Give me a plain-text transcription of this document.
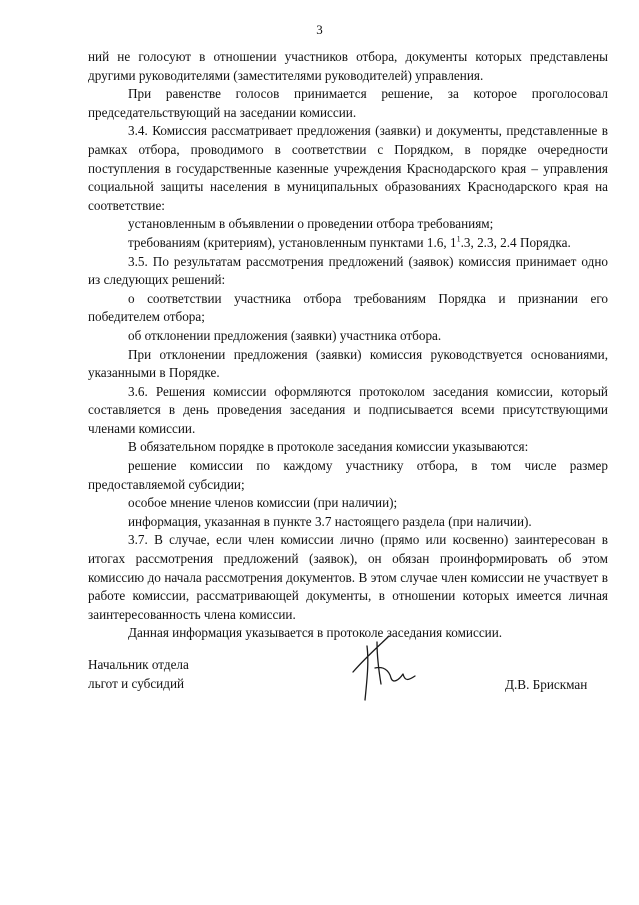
3

ний не голосуют в отношении участников отбора, документы которых представлены другими руководителями (заместителями руководителей) управления.

При равенстве голосов принимается решение, за которое проголосовал председательствующий на заседании комиссии.

3.4. Комиссия рассматривает предложения (заявки) и документы, представленные в рамках отбора, проводимого в соответствии с Порядком, в порядке очередности поступления в государственные казенные учреждения Краснодарского края – управления социальной защиты населения в муниципальных образованиях Краснодарского края на соответствие:

установленным в объявлении о проведении отбора требованиям;

требованиям (критериям), установленным пунктами 1.6, $1^1.3$, 2.3, 2.4 Порядка.

3.5. По результатам рассмотрения предложений (заявок) комиссия принимает одно из следующих решений:

о соответствии участника отбора требованиям Порядка и признании его победителем отбора;

об отклонении предложения (заявки) участника отбора.

При отклонении предложения (заявки) комиссия руководствуется основаниями, указанными в Порядке.

3.6. Решения комиссии оформляются протоколом заседания комиссии, который составляется в день проведения заседания и подписывается всеми присутствующими членами комиссии.

В обязательном порядке в протоколе заседания комиссии указываются:

решение комиссии по каждому участнику отбора, в том числе размер предоставляемой субсидии;

особое мнение членов комиссии (при наличии);

информация, указанная в пункте 3.7 настоящего раздела (при наличии).

3.7. В случае, если член комиссии лично (прямо или косвенно) заинтересован в итогах рассмотрения предложений (заявок), он обязан проинформировать об этом комиссию до начала рассмотрения документов. В этом случае член комиссии не участвует в работе комиссии, рассматривающей документы, в отношении которых имеется личная заинтересованность члена комиссии.

Данная информация указывается в протоколе заседания комиссии.

Начальник отдела
льгот и субсидий	Д.В. Брискман
